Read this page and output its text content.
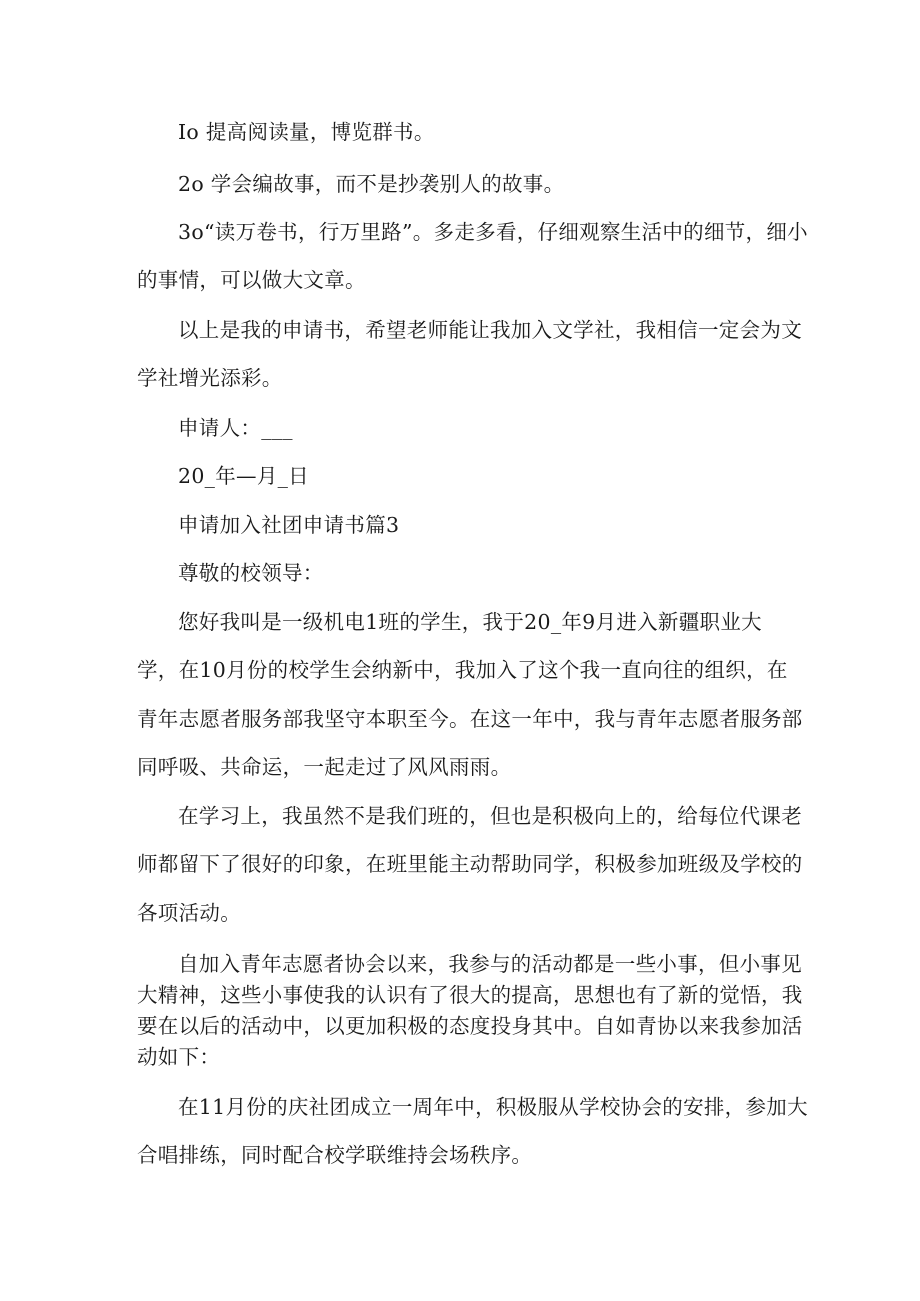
Io 提高阅读量，博览群书。
2o 学会编故事，而不是抄袭别人的故事。
3o“读万卷书，行万里路”。多走多看，仔细观察生活中的细节，细小
的事情，可以做大文章。
以上是我的申请书，希望老师能让我加入文学社，我相信一定会为文
学社增光添彩。
申请人：___
20_年—月_日
申请加入社团申请书篇3
尊敬的校领导：
您好我叫是一级机电1班的学生，我于20_年9月进入新疆职业大
学，在10月份的校学生会纳新中，我加入了这个我一直向往的组织，在
青年志愿者服务部我坚守本职至今。在这一年中，我与青年志愿者服务部
同呼吸、共命运，一起走过了风风雨雨。
在学习上，我虽然不是我们班的，但也是积极向上的，给每位代课老
师都留下了很好的印象，在班里能主动帮助同学，积极参加班级及学校的
各项活动。
自加入青年志愿者协会以来，我参与的活动都是一些小事，但小事见
大精神，这些小事使我的认识有了很大的提高，思想也有了新的觉悟，我
要在以后的活动中，以更加积极的态度投身其中。自如青协以来我参加活
动如下：
在11月份的庆社团成立一周年中，积极服从学校协会的安排，参加大
合唱排练，同时配合校学联维持会场秩序。
